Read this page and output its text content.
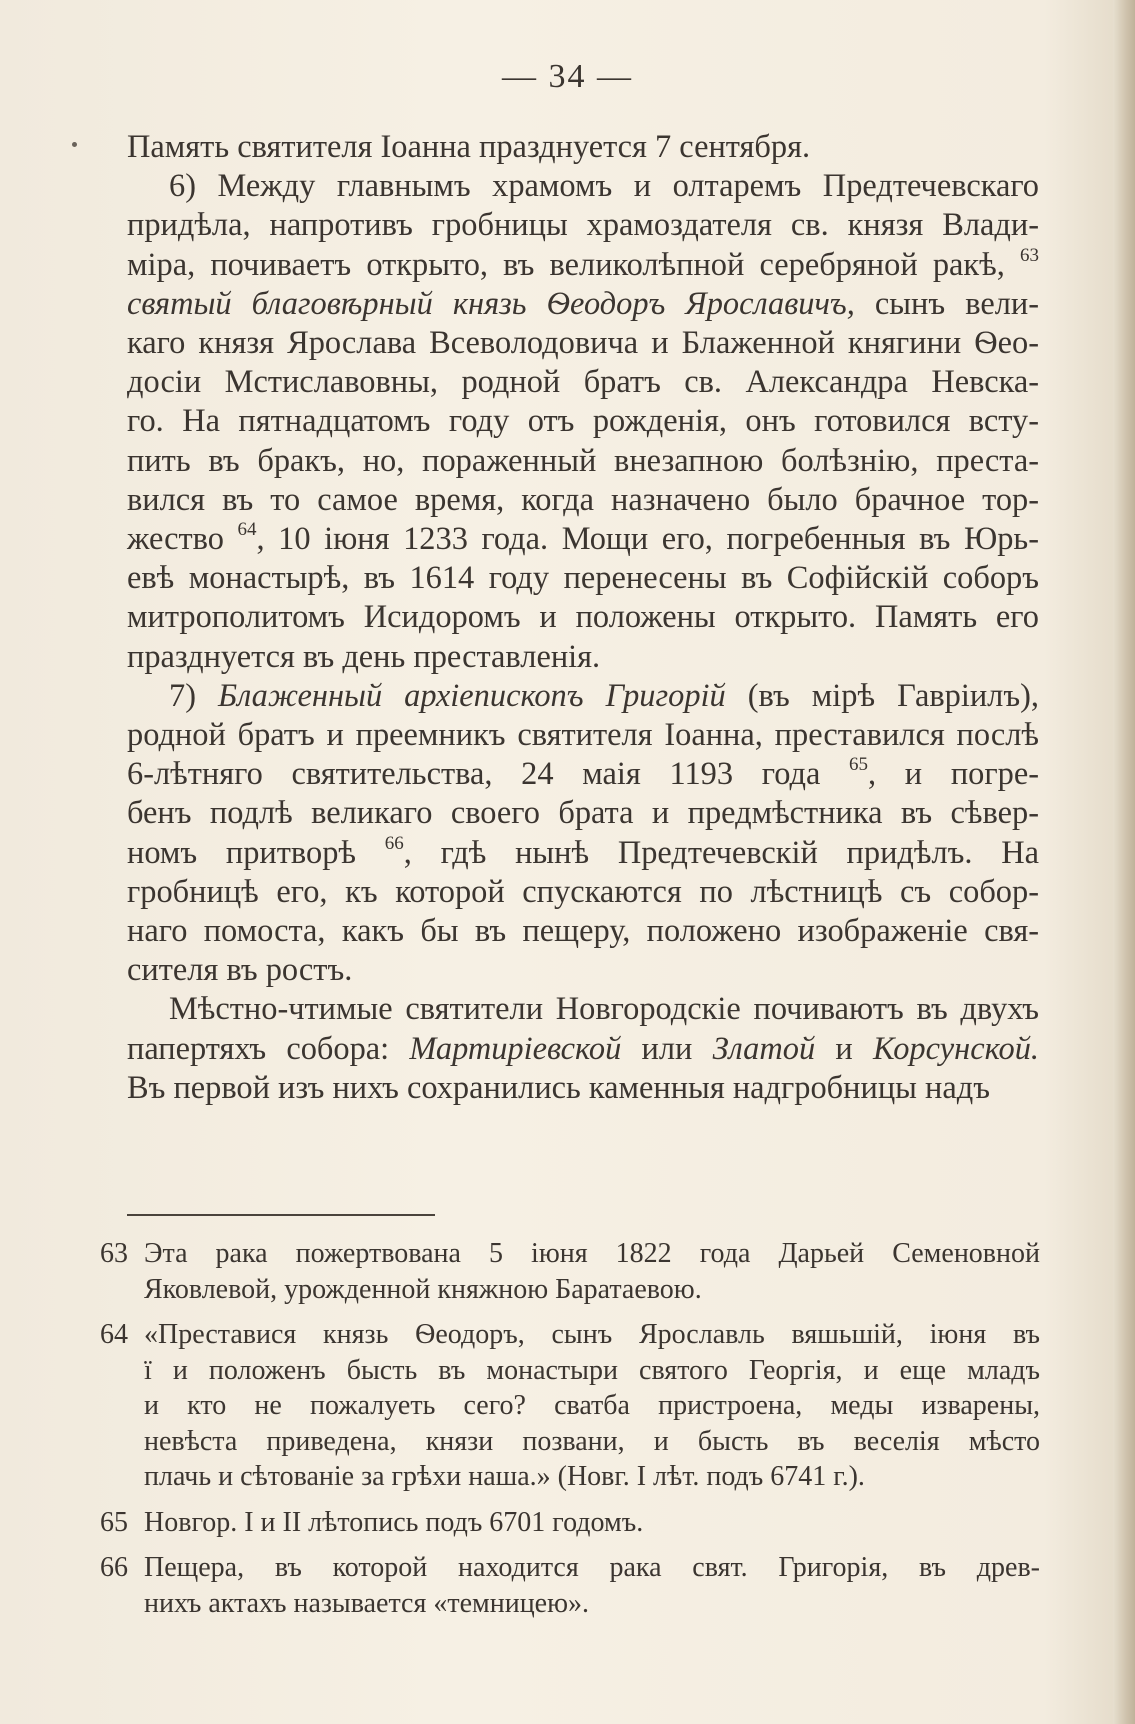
— 34 —

Память святителя Іоанна празднуется 7 сентября.

6) Между главнымъ храмомъ и олтаремъ Предтечевскаго

придѣла, напротивъ гробницы храмоздателя св. князя Влади-

міра, почиваетъ открыто, въ великолѣпной серебряной ракѣ, $^{63}$

святый благовѣрный князь Ѳеодоръ Ярославичъ, сынъ вели-

каго князя Ярослава Всеволодовича и Блаженной княгини Ѳео-

досіи Мстиславовны, родной братъ св. Александра Невска-

го. На пятнадцатомъ году отъ рожденія, онъ готовился всту-

пить въ бракъ, но, пораженный внезапною болѣзнію, преста-

вился въ то самое время, когда назначено было брачное тор-

жество $^{64}$, 10 іюня 1233 года. Мощи его, погребенныя въ Юрь-

евѣ монастырѣ, въ 1614 году перенесены въ Софійскій соборъ

митрополитомъ Исидоромъ и положены открыто. Память его

празднуется въ день преставленія.

7) Блаженный архіепископъ Григорій (въ мірѣ Гавріилъ),

родной братъ и преемникъ святителя Іоанна, преставился послѣ

6-лѣтняго святительства, 24 маія 1193 года $^{65}$, и погре-

бенъ подлѣ великаго своего брата и предмѣстника въ сѣвер-

номъ притворѣ $^{66}$, гдѣ нынѣ Предтечевскій придѣлъ. На

гробницѣ его, къ которой спускаются по лѣстницѣ съ собор-

наго помоста, какъ бы въ пещеру, положено изображеніе свя-

сителя въ ростъ.

Мѣстно-чтимые святители Новгородскіе почиваютъ въ двухъ

папертяхъ собора: Мартиріевской или Златой и Корсунской.

Въ первой изъ нихъ сохранились каменныя надгробницы надъ

63 Эта рака пожертвована 5 іюня 1822 года Дарьей Семеновной
Яковлевой, урожденной княжною Баратаевою.
64 «Преставися князь Ѳеодоръ, сынъ Ярославль вяшьшій, іюня въ
ї и положенъ бысть въ монастыри святого Георгія, и еще младъ
и кто не пожалуеть сего? сватба пристроена, меды изварены,
невѣста приведена, князи позвани, и бысть въ веселія мѣсто
плачь и сѣтованіе за грѣхи наша.» (Новг. I лѣт. подъ 6741 г.).
65 Новгор. I и II лѣтопись подъ 6701 годомъ.
66 Пещера, въ которой находится рака свят. Григорія, въ древ-
нихъ актахъ называется «темницею».
